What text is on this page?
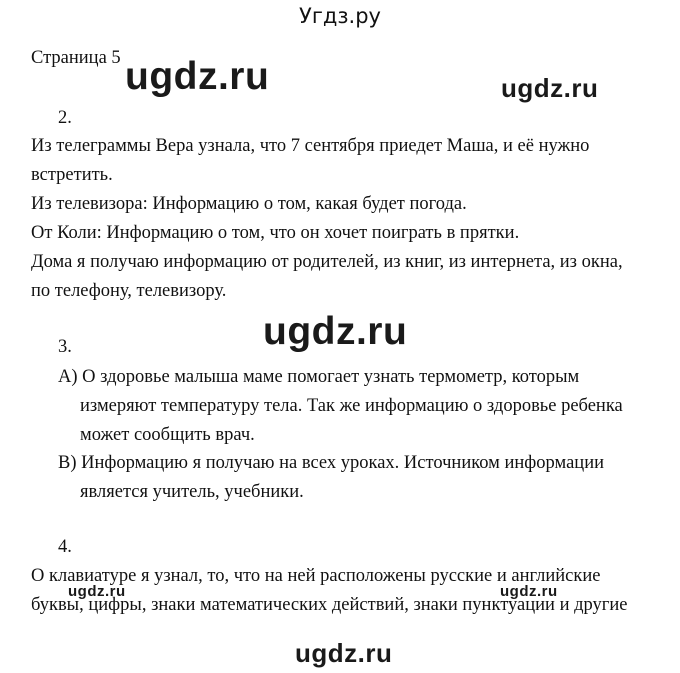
Угдз.ру
Страница 5 ugdz.ru	ugdz.ru
2.
Из телеграммы Вера узнала, что 7 сентября приедет Маша, и её нужно
встретить.
Из телевизора: Информацию о том, какая будет погода.
От Коли: Информацию о том, что он хочет поиграть в прятки.
Дома я получаю информацию от родителей, из книг, из интернета, из окна,
по телефону, телевизору.
ugdz.ru
3.
А) О здоровье малыша маме помогает узнать термометр, которым
измеряют температуру тела. Так же информацию о здоровье ребенка
может сообщить врач.
В) Информацию я получаю на всех уроках. Источником информации
является учитель, учебники.
4.
О клавиатуре я узнал, то, что на ней расположены русские и английские
ugdz.ru	ugdz.ru
буквы, цифры, знаки математических действий, знаки пунктуации и другие
ugdz.ru
